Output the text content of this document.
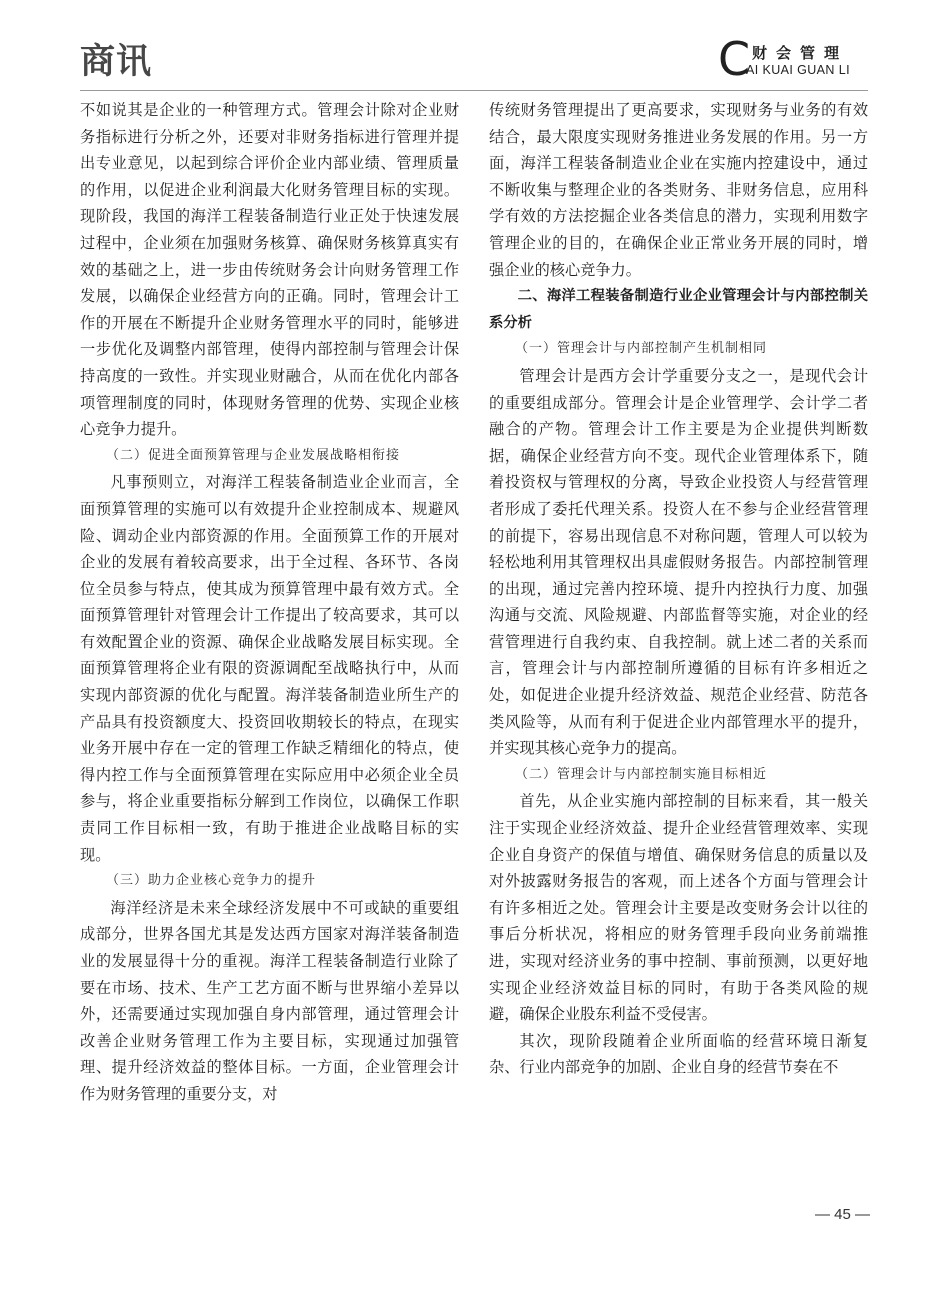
商讯	C 财会管理
AI KUAI GUAN LI

不如说其是企业的一种管理方式。管理会计除对企业财务指标进行分析之外，还要对非财务指标进行管理并提出专业意见，以起到综合评价企业内部业绩、管理质量的作用，以促进企业利润最大化财务管理目标的实现。现阶段，我国的海洋工程装备制造行业正处于快速发展过程中，企业须在加强财务核算、确保财务核算真实有效的基础之上，进一步由传统财务会计向财务管理工作发展，以确保企业经营方向的正确。同时，管理会计工作的开展在不断提升企业财务管理水平的同时，能够进一步优化及调整内部管理，使得内部控制与管理会计保持高度的一致性。并实现业财融合，从而在优化内部各项管理制度的同时，体现财务管理的优势、实现企业核心竞争力提升。

（二）促进全面预算管理与企业发展战略相衔接

凡事预则立，对海洋工程装备制造业企业而言，全面预算管理的实施可以有效提升企业控制成本、规避风险、调动企业内部资源的作用。全面预算工作的开展对企业的发展有着较高要求，出于全过程、各环节、各岗位全员参与特点，使其成为预算管理中最有效方式。全面预算管理针对管理会计工作提出了较高要求，其可以有效配置企业的资源、确保企业战略发展目标实现。全面预算管理将企业有限的资源调配至战略执行中，从而实现内部资源的优化与配置。海洋装备制造业所生产的产品具有投资额度大、投资回收期较长的特点，在现实业务开展中存在一定的管理工作缺乏精细化的特点，使得内控工作与全面预算管理在实际应用中必须企业全员参与，将企业重要指标分解到工作岗位，以确保工作职责同工作目标相一致，有助于推进企业战略目标的实现。

（三）助力企业核心竞争力的提升

海洋经济是未来全球经济发展中不可或缺的重要组成部分，世界各国尤其是发达西方国家对海洋装备制造业的发展显得十分的重视。海洋工程装备制造行业除了要在市场、技术、生产工艺方面不断与世界缩小差异以外，还需要通过实现加强自身内部管理，通过管理会计改善企业财务管理工作为主要目标，实现通过加强管理、提升经济效益的整体目标。一方面，企业管理会计作为财务管理的重要分支，对

传统财务管理提出了更高要求，实现财务与业务的有效结合，最大限度实现财务推进业务发展的作用。另一方面，海洋工程装备制造业企业在实施内控建设中，通过不断收集与整理企业的各类财务、非财务信息，应用科学有效的方法挖掘企业各类信息的潜力，实现利用数字管理企业的目的，在确保企业正常业务开展的同时，增强企业的核心竞争力。

二、海洋工程装备制造行业企业管理会计与内部控制关系分析

（一）管理会计与内部控制产生机制相同

管理会计是西方会计学重要分支之一，是现代会计的重要组成部分。管理会计是企业管理学、会计学二者融合的产物。管理会计工作主要是为企业提供判断数据，确保企业经营方向不变。现代企业管理体系下，随着投资权与管理权的分离，导致企业投资人与经营管理者形成了委托代理关系。投资人在不参与企业经营管理的前提下，容易出现信息不对称问题，管理人可以较为轻松地利用其管理权出具虚假财务报告。内部控制管理的出现，通过完善内控环境、提升内控执行力度、加强沟通与交流、风险规避、内部监督等实施，对企业的经营管理进行自我约束、自我控制。就上述二者的关系而言，管理会计与内部控制所遵循的目标有许多相近之处，如促进企业提升经济效益、规范企业经营、防范各类风险等，从而有利于促进企业内部管理水平的提升，并实现其核心竞争力的提高。

（二）管理会计与内部控制实施目标相近

首先，从企业实施内部控制的目标来看，其一般关注于实现企业经济效益、提升企业经营管理效率、实现企业自身资产的保值与增值、确保财务信息的质量以及对外披露财务报告的客观，而上述各个方面与管理会计有许多相近之处。管理会计主要是改变财务会计以往的事后分析状况，将相应的财务管理手段向业务前端推进，实现对经济业务的事中控制、事前预测，以更好地实现企业经济效益目标的同时，有助于各类风险的规避，确保企业股东利益不受侵害。

其次，现阶段随着企业所面临的经营环境日渐复杂、行业内部竞争的加剧、企业自身的经营节奏在不

— 45 —
